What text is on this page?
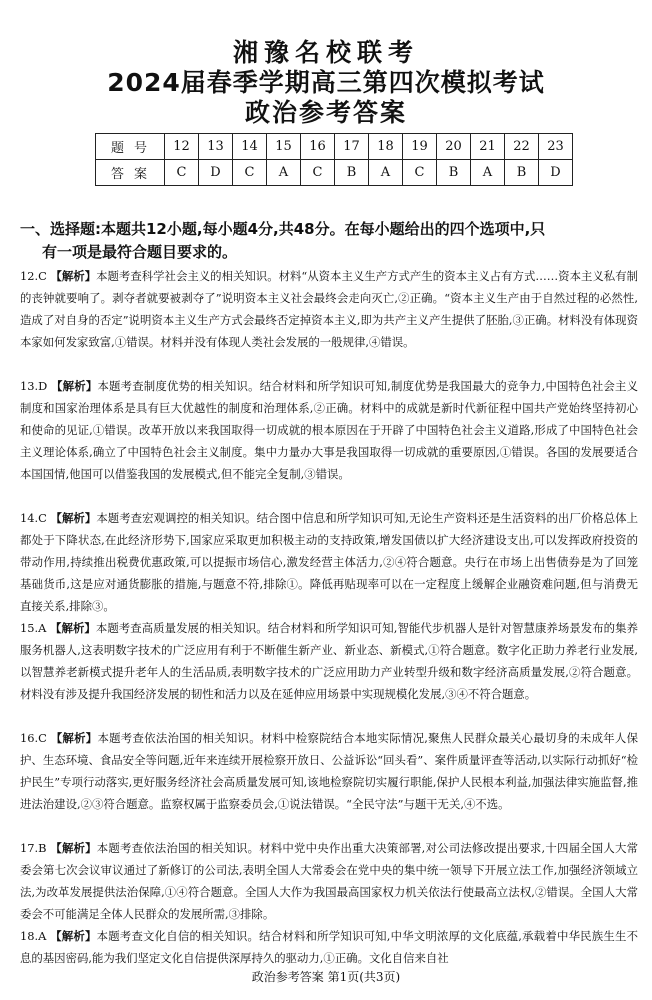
湘豫名校联考
2024届春季学期高三第四次模拟考试
政治参考答案
题号	12	13	14	15	16	17	18	19	20	21	22	23
答案	C	D	C	A	C	B	A	C	B	A	B	D
一、选择题:本题共12小题,每小题4分,共48分。在每小题给出的四个选项中,只
有一项是最符合题目要求的。
12.C 【解析】本题考查科学社会主义的相关知识。材料“从资本主义生产方式产生的资本主义占有方式……资本主义私有制的丧钟就要响了。剥夺者就要被剥夺了”说明资本主义社会最终会走向灭亡,②正确。“资本主义生产由于自然过程的必然性,造成了对自身的否定”说明资本主义生产方式会最终否定掉资本主义,即为共产主义产生提供了胚胎,③正确。材料没有体现资本家如何发家致富,①错误。材料并没有体现人类社会发展的一般规律,④错误。
13.D 【解析】本题考查制度优势的相关知识。结合材料和所学知识可知,制度优势是我国最大的竞争力,中国特色社会主义制度和国家治理体系是具有巨大优越性的制度和治理体系,②正确。材料中的成就是新时代新征程中国共产党始终坚持初心和使命的见证,①错误。改革开放以来我国取得一切成就的根本原因在于开辟了中国特色社会主义道路,形成了中国特色社会主义理论体系,确立了中国特色社会主义制度。集中力量办大事是我国取得一切成就的重要原因,①错误。各国的发展要适合本国国情,他国可以借鉴我国的发展模式,但不能完全复制,③错误。
14.C 【解析】本题考查宏观调控的相关知识。结合图中信息和所学知识可知,无论生产资料还是生活资料的出厂价格总体上都处于下降状态,在此经济形势下,国家应采取更加积极主动的支持政策,增发国债以扩大经济建设支出,可以发挥政府投资的带动作用,持续推出税费优惠政策,可以提振市场信心,激发经营主体活力,②④符合题意。央行在市场上出售债券是为了回笼基础货币,这是应对通货膨胀的措施,与题意不符,排除①。降低再贴现率可以在一定程度上缓解企业融资难问题,但与消费无直接关系,排除③。
15.A 【解析】本题考查高质量发展的相关知识。结合材料和所学知识可知,智能代步机器人是针对智慧康养场景发布的集养服务机器人,这表明数字技术的广泛应用有利于不断催生新产业、新业态、新模式,①符合题意。数字化正助力养老行业发展,以智慧养老新模式提升老年人的生活品质,表明数字技术的广泛应用助力产业转型升级和数字经济高质量发展,②符合题意。材料没有涉及提升我国经济发展的韧性和活力以及在延伸应用场景中实现规模化发展,③④不符合题意。
16.C 【解析】本题考查依法治国的相关知识。材料中检察院结合本地实际情况,聚焦人民群众最关心最切身的未成年人保护、生态环境、食品安全等问题,近年来连续开展检察开放日、公益诉讼“回头看”、案件质量评查等活动,以实际行动抓好“检护民生”专项行动落实,更好服务经济社会高质量发展可知,该地检察院切实履行职能,保护人民根本利益,加强法律实施监督,推进法治建设,②③符合题意。监察权属于监察委员会,①说法错误。“全民守法”与题干无关,④不选。
17.B 【解析】本题考查依法治国的相关知识。材料中党中央作出重大决策部署,对公司法修改提出要求,十四届全国人大常委会第七次会议审议通过了新修订的公司法,表明全国人大常委会在党中央的集中统一领导下开展立法工作,加强经济领域立法,为改革发展提供法治保障,①④符合题意。全国人大作为我国最高国家权力机关依法行使最高立法权,②错误。全国人大常委会不可能满足全体人民群众的发展所需,③排除。
18.A 【解析】本题考查文化自信的相关知识。结合材料和所学知识可知,中华文明浓厚的文化底蕴,承载着中华民族生生不息的基因密码,能为我们坚定文化自信提供深厚持久的驱动力,①正确。文化自信来自社
政治参考答案 第1页(共3页)
